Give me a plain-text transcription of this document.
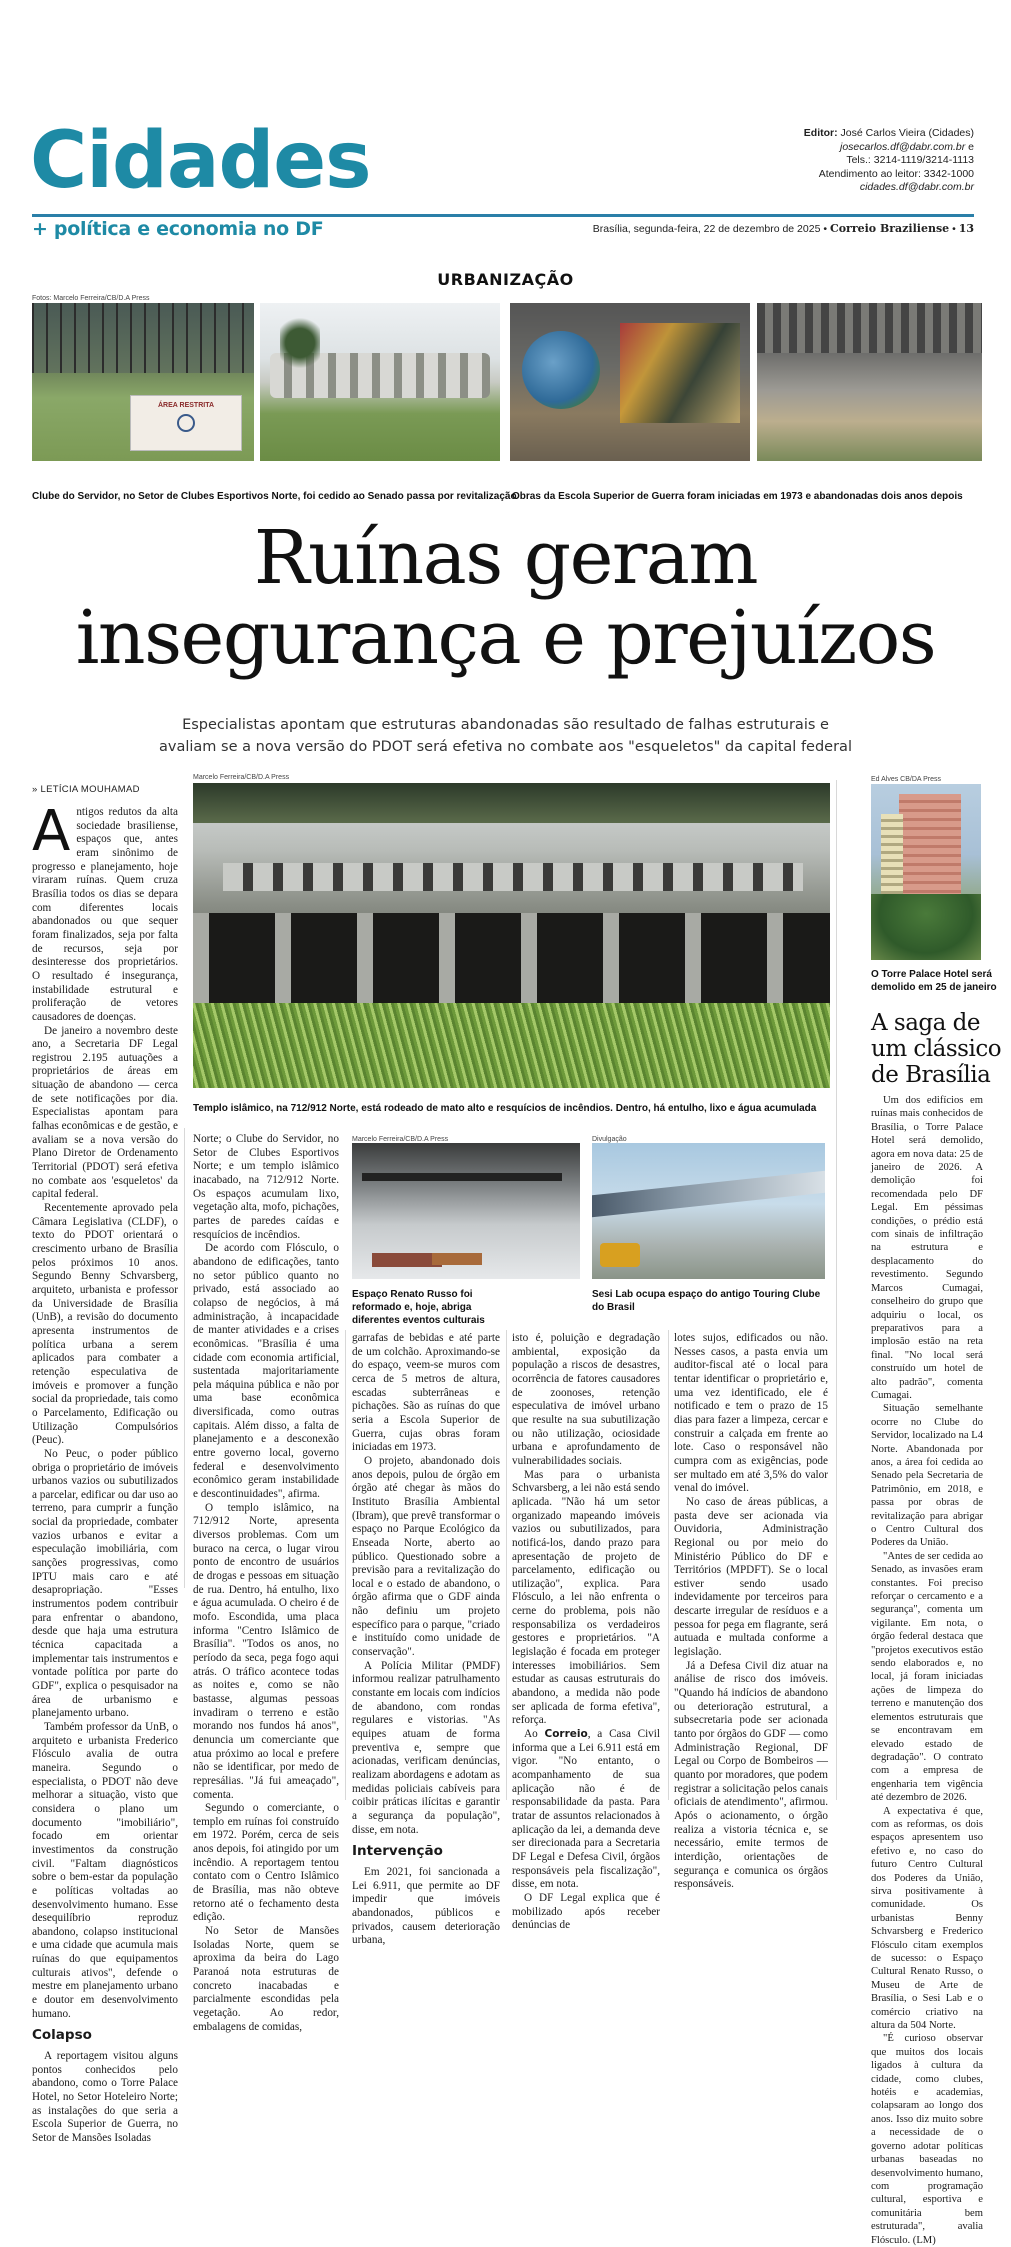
Cidades
+ política e economia no DF
Editor: José Carlos Vieira (Cidades)
josecarlos.df@dabr.com.br e
Tels.: 3214-1119/3214-1113
Atendimento ao leitor: 3342-1000
cidades.df@dabr.com.br
Brasília, segunda-feira, 22 de dezembro de 2025 • Correio Braziliense • 13
URBANIZAÇÃO
Fotos: Marcelo Ferreira/CB/D.A Press
ÁREA RESTRITA
Clube do Servidor, no Setor de Clubes Esportivos Norte, foi cedido ao Senado passa por revitalização
Obras da Escola Superior de Guerra foram iniciadas em 1973 e abandonadas dois anos depois
Ruínas geram
insegurança e prejuízos
Especialistas apontam que estruturas abandonadas são resultado de falhas estruturais e
avaliam se a nova versão do PDOT será efetiva no combate aos "esqueletos" da capital federal
» LETÍCIA MOUHAMAD
Marcelo Ferreira/CB/D.A Press
Templo islâmico, na 712/912 Norte, está rodeado de mato alto e resquícios de incêndios. Dentro, há entulho, lixo e água acumulada
Ed Alves CB/DA Press
O Torre Palace Hotel será demolido em 25 de janeiro
A saga de
um clássico
de Brasília

Antigos redutos da alta sociedade brasiliense, espaços que, antes eram sinônimo de progresso e planejamento, hoje viraram ruínas. Quem cruza Brasília todos os dias se depara com diferentes locais abandonados ou que sequer foram finalizados, seja por falta de recursos, seja por desinteresse dos proprietários. O resultado é insegurança, instabilidade estrutural e proliferação de vetores causadores de doenças.

De janeiro a novembro deste ano, a Secretaria DF Legal registrou 2.195 autuações a proprietários de áreas em situação de abandono — cerca de sete notificações por dia. Especialistas apontam para falhas econômicas e de gestão, e avaliam se a nova versão do Plano Diretor de Ordenamento Territorial (PDOT) será efetiva no combate aos 'esqueletos' da capital federal.

Recentemente aprovado pela Câmara Legislativa (CLDF), o texto do PDOT orientará o crescimento urbano de Brasília pelos próximos 10 anos. Segundo Benny Schvarsberg, arquiteto, urbanista e professor da Universidade de Brasília (UnB), a revisão do documento apresenta instrumentos de política urbana a serem aplicados para combater a retenção especulativa de imóveis e promover a função social da propriedade, tais como o Parcelamento, Edificação ou Utilização Compulsórios (Peuc).

No Peuc, o poder público obriga o proprietário de imóveis urbanos vazios ou subutilizados a parcelar, edificar ou dar uso ao terreno, para cumprir a função social da propriedade, combater vazios urbanos e evitar a especulação imobiliária, com sanções progressivas, como IPTU mais caro e até desapropriação. "Esses instrumentos podem contribuir para enfrentar o abandono, desde que haja uma estrutura técnica capacitada a implementar tais instrumentos e vontade política por parte do GDF", explica o pesquisador na área de urbanismo e planejamento urbano.

Também professor da UnB, o arquiteto e urbanista Frederico Flósculo avalia de outra maneira. Segundo o especialista, o PDOT não deve melhorar a situação, visto que considera o plano um documento "imobiliário", focado em orientar investimentos da construção civil. "Faltam diagnósticos sobre o bem-estar da população e políticas voltadas ao desenvolvimento humano. Esse desequilíbrio reproduz abandono, colapso institucional e uma cidade que acumula mais ruínas do que equipamentos culturais ativos", defende o mestre em planejamento urbano e doutor em desenvolvimento humano.

Colapso

A reportagem visitou alguns pontos conhecidos pelo abandono, como o Torre Palace Hotel, no Setor Hoteleiro Norte; as instalações do que seria a Escola Superior de Guerra, no Setor de Mansões Isoladas

Norte; o Clube do Servidor, no Setor de Clubes Esportivos Norte; e um templo islâmico inacabado, na 712/912 Norte. Os espaços acumulam lixo, vegetação alta, mofo, pichações, partes de paredes caídas e resquícios de incêndios.

De acordo com Flósculo, o abandono de edificações, tanto no setor público quanto no privado, está associado ao colapso de negócios, à má administração, à incapacidade de manter atividades e a crises econômicas. "Brasília é uma cidade com economia artificial, sustentada majoritariamente pela máquina pública e não por uma base econômica diversificada, como outras capitais. Além disso, a falta de planejamento e a desconexão entre governo local, governo federal e desenvolvimento econômico geram instabilidade e descontinuidades", afirma.

O templo islâmico, na 712/912 Norte, apresenta diversos problemas. Com um buraco na cerca, o lugar virou ponto de encontro de usuários de drogas e pessoas em situação de rua. Dentro, há entulho, lixo e água acumulada. O cheiro é de mofo. Escondida, uma placa informa "Centro Islâmico de Brasília". "Todos os anos, no período da seca, pega fogo aqui atrás. O tráfico acontece todas as noites e, como se não bastasse, algumas pessoas invadiram o terreno e estão morando nos fundos há anos", denuncia um comerciante que atua próximo ao local e prefere não se identificar, por medo de represálias. "Já fui ameaçado", comenta.

Segundo o comerciante, o templo em ruínas foi construído em 1972. Porém, cerca de seis anos depois, foi atingido por um incêndio. A reportagem tentou contato com o Centro Islâmico de Brasília, mas não obteve retorno até o fechamento desta edição.

No Setor de Mansões Isoladas Norte, quem se aproxima da beira do Lago Paranoá nota estruturas de concreto inacabadas e parcialmente escondidas pela vegetação. Ao redor, embalagens de comidas,

Marcelo Ferreira/CB/D.A Press
Espaço Renato Russo foi reformado e, hoje, abriga diferentes eventos culturais
Divulgação
Sesi Lab ocupa espaço do antigo Touring Clube do Brasil

garrafas de bebidas e até parte de um colchão. Aproximando-se do espaço, veem-se muros com cerca de 5 metros de altura, escadas subterrâneas e pichações. São as ruínas do que seria a Escola Superior de Guerra, cujas obras foram iniciadas em 1973.

O projeto, abandonado dois anos depois, pulou de órgão em órgão até chegar às mãos do Instituto Brasília Ambiental (Ibram), que prevê transformar o espaço no Parque Ecológico da Enseada Norte, aberto ao público. Questionado sobre a previsão para a revitalização do local e o estado de abandono, o órgão afirma que o GDF ainda não definiu um projeto específico para o parque, "criado e instituído como unidade de conservação".

A Polícia Militar (PMDF) informou realizar patrulhamento constante em locais com indícios de abandono, com rondas regulares e vistorias. "As equipes atuam de forma preventiva e, sempre que acionadas, verificam denúncias, realizam abordagens e adotam as medidas policiais cabíveis para coibir práticas ilícitas e garantir a segurança da população", disse, em nota.

Intervenção

Em 2021, foi sancionada a Lei 6.911, que permite ao DF impedir que imóveis abandonados, públicos e privados, causem deterioração urbana,

isto é, poluição e degradação ambiental, exposição da população a riscos de desastres, ocorrência de fatores causadores de zoonoses, retenção especulativa de imóvel urbano que resulte na sua subutilização ou não utilização, ociosidade urbana e aprofundamento de vulnerabilidades sociais.

Mas para o urbanista Schvarsberg, a lei não está sendo aplicada. "Não há um setor organizado mapeando imóveis vazios ou subutilizados, para notificá-los, dando prazo para apresentação de projeto de parcelamento, edificação ou utilização", explica. Para Flósculo, a lei não enfrenta o cerne do problema, pois não responsabiliza os verdadeiros gestores e proprietários. "A legislação é focada em proteger interesses imobiliários. Sem estudar as causas estruturais do abandono, a medida não pode ser aplicada de forma efetiva", reforça.

Ao Correio, a Casa Civil informa que a Lei 6.911 está em vigor. "No entanto, o acompanhamento de sua aplicação não é de responsabilidade da pasta. Para tratar de assuntos relacionados à aplicação da lei, a demanda deve ser direcionada para a Secretaria DF Legal e Defesa Civil, órgãos responsáveis pela fiscalização", disse, em nota.

O DF Legal explica que é mobilizado após receber denúncias de

lotes sujos, edificados ou não. Nesses casos, a pasta envia um auditor-fiscal até o local para tentar identificar o proprietário e, uma vez identificado, ele é notificado e tem o prazo de 15 dias para fazer a limpeza, cercar e construir a calçada em frente ao lote. Caso o responsável não cumpra com as exigências, pode ser multado em até 3,5% do valor venal do imóvel.

No caso de áreas públicas, a pasta deve ser acionada via Ouvidoria, Administração Regional ou por meio do Ministério Público do DF e Territórios (MPDFT). Se o local estiver sendo usado indevidamente por terceiros para descarte irregular de resíduos e a pessoa for pega em flagrante, será autuada e multada conforme a legislação.

Já a Defesa Civil diz atuar na análise de risco dos imóveis. "Quando há indícios de abandono ou deterioração estrutural, a subsecretaria pode ser acionada tanto por órgãos do GDF — como Administração Regional, DF Legal ou Corpo de Bombeiros — quanto por moradores, que podem registrar a solicitação pelos canais oficiais de atendimento", afirmou. Após o acionamento, o órgão realiza a vistoria técnica e, se necessário, emite termos de interdição, orientações de segurança e comunica os órgãos responsáveis.

Um dos edifícios em ruínas mais conhecidos de Brasília, o Torre Palace Hotel será demolido, agora em nova data: 25 de janeiro de 2026. A demolição foi recomendada pelo DF Legal. Em péssimas condições, o prédio está com sinais de infiltração na estrutura e desplacamento do revestimento. Segundo Marcos Cumagai, conselheiro do grupo que adquiriu o local, os preparativos para a implosão estão na reta final. "No local será construído um hotel de alto padrão", comenta Cumagai.

Situação semelhante ocorre no Clube do Servidor, localizado na L4 Norte. Abandonada por anos, a área foi cedida ao Senado pela Secretaria de Patrimônio, em 2018, e passa por obras de revitalização para abrigar o Centro Cultural dos Poderes da União.

"Antes de ser cedida ao Senado, as invasões eram constantes. Foi preciso reforçar o cercamento e a segurança", comenta um vigilante. Em nota, o órgão federal destaca que "projetos executivos estão sendo elaborados e, no local, já foram iniciadas ações de limpeza do terreno e manutenção dos elementos estruturais que se encontravam em elevado estado de degradação". O contrato com a empresa de engenharia tem vigência até dezembro de 2026.

A expectativa é que, com as reformas, os dois espaços apresentem uso efetivo e, no caso do futuro Centro Cultural dos Poderes da União, sirva positivamente à comunidade. Os urbanistas Benny Schvarsberg e Frederico Flósculo citam exemplos de sucesso: o Espaço Cultural Renato Russo, o Museu de Arte de Brasília, o Sesi Lab e o comércio criativo na altura da 504 Norte.

"É curioso observar que muitos dos locais ligados à cultura da cidade, como clubes, hotéis e academias, colapsaram ao longo dos anos. Isso diz muito sobre a necessidade de o governo adotar políticas urbanas baseadas no desenvolvimento humano, com programação cultural, esportiva e comunitária bem estruturada", avalia Flósculo. (LM)
